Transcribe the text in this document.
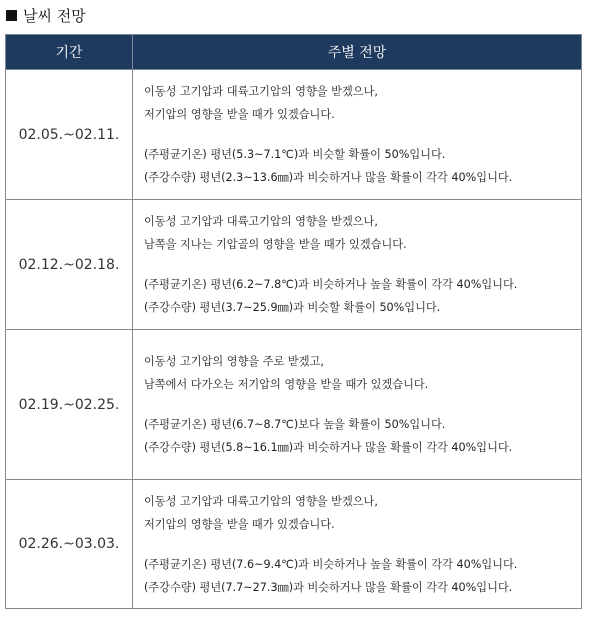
날씨 전망
기간	주별 전망
02.05.~02.11.	이동성 고기압과 대륙고기압의 영향을 받겠으나,
저기압의 영향을 받을 때가 있겠습니다.
(주평균기온) 평년(5.3~7.1℃)과 비슷할 확률이 50%입니다.
(주강수량) 평년(2.3~13.6㎜)과 비슷하거나 많을 확률이 각각 40%입니다.

02.12.~02.18.	이동성 고기압과 대륙고기압의 영향을 받겠으나,
남쪽을 지나는 기압골의 영향을 받을 때가 있겠습니다.
(주평균기온) 평년(6.2~7.8℃)과 비슷하거나 높을 확률이 각각 40%입니다.
(주강수량) 평년(3.7~25.9㎜)과 비슷할 확률이 50%입니다.

02.19.~02.25.	이동성 고기압의 영향을 주로 받겠고,
남쪽에서 다가오는 저기압의 영향을 받을 때가 있겠습니다.
(주평균기온) 평년(6.7~8.7℃)보다 높을 확률이 50%입니다.
(주강수량) 평년(5.8~16.1㎜)과 비슷하거나 많을 확률이 각각 40%입니다.

02.26.~03.03.	이동성 고기압과 대륙고기압의 영향을 받겠으나,
저기압의 영향을 받을 때가 있겠습니다.
(주평균기온) 평년(7.6~9.4℃)과 비슷하거나 높을 확률이 각각 40%입니다.
(주강수량) 평년(7.7~27.3㎜)과 비슷하거나 많을 확률이 각각 40%입니다.
